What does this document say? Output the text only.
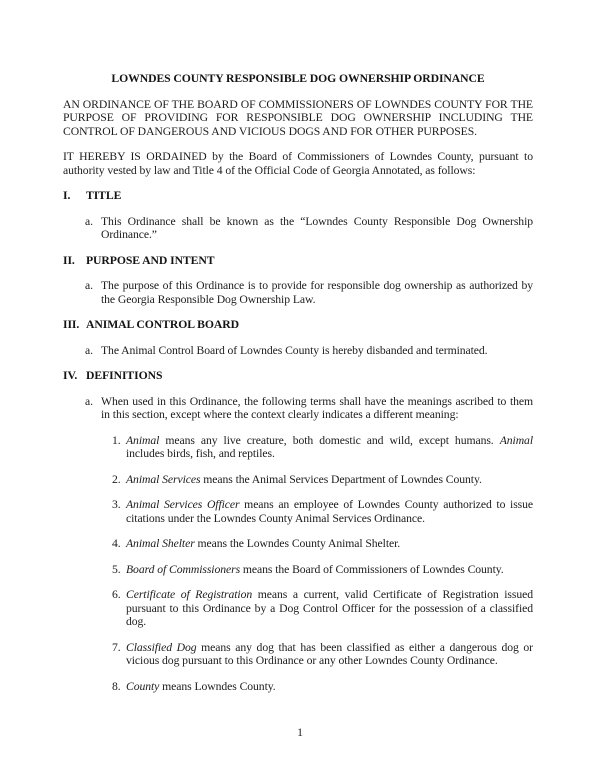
LOWNDES COUNTY RESPONSIBLE DOG OWNERSHIP ORDINANCE

AN ORDINANCE OF THE BOARD OF COMMISSIONERS OF LOWNDES COUNTY FOR THE PURPOSE OF PROVIDING FOR RESPONSIBLE DOG OWNERSHIP INCLUDING THE CONTROL OF DANGEROUS AND VICIOUS DOGS AND FOR OTHER PURPOSES.

IT HEREBY IS ORDAINED by the Board of Commissioners of Lowndes County, pursuant to authority vested by law and Title 4 of the Official Code of Georgia Annotated, as follows:

I.	TITLE
a. This Ordinance shall be known as the “Lowndes County Responsible Dog Ownership Ordinance.”
II. PURPOSE AND INTENT
a. The purpose of this Ordinance is to provide for responsible dog ownership as authorized by the Georgia Responsible Dog Ownership Law.
III. ANIMAL CONTROL BOARD
a. The Animal Control Board of Lowndes County is hereby disbanded and terminated.
IV. DEFINITIONS
a. When used in this Ordinance, the following terms shall have the meanings ascribed to them in this section, except where the context clearly indicates a different meaning:
1. Animal means any live creature, both domestic and wild, except humans. Animal includes birds, fish, and reptiles.
2. Animal Services means the Animal Services Department of Lowndes County.
3. Animal Services Officer means an employee of Lowndes County authorized to issue citations under the Lowndes County Animal Services Ordinance.
4. Animal Shelter means the Lowndes County Animal Shelter.
5. Board of Commissioners means the Board of Commissioners of Lowndes County.
6. Certificate of Registration means a current, valid Certificate of Registration issued pursuant to this Ordinance by a Dog Control Officer for the possession of a classified dog.
7. Classified Dog means any dog that has been classified as either a dangerous dog or vicious dog pursuant to this Ordinance or any other Lowndes County Ordinance.
8. County means Lowndes County.
1
